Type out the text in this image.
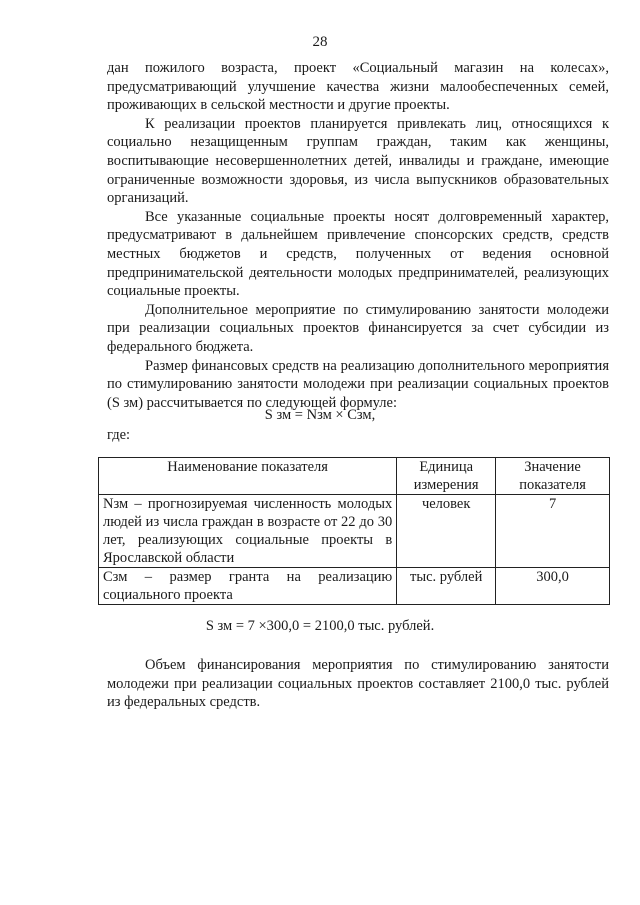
28

дан пожилого возраста, проект «Социальный магазин на колесах», предусматривающий улучшение качества жизни малообеспеченных семей, проживающих в сельской местности и другие проекты.

К реализации проектов планируется привлекать лиц, относящихся к социально незащищенным группам граждан, таким как женщины, воспитывающие несовершеннолетних детей, инвалиды и граждане, имеющие ограниченные возможности здоровья, из числа выпускников образовательных организаций.

Все указанные социальные проекты носят долговременный характер, предусматривают в дальнейшем привлечение спонсорских средств, средств местных бюджетов и средств, полученных от ведения основной предпринимательской деятельности молодых предпринимателей, реализующих социальные проекты.

Дополнительное мероприятие по стимулированию занятости молодежи при реализации социальных проектов финансируется за счет субсидии из федерального бюджета.

Размер финансовых средств на реализацию дополнительного мероприятия по стимулированию занятости молодежи при реализации социальных проектов (S зм) рассчитывается по следующей формуле:

S зм = Nзм × Cзм,
где:
Наименование показателя	Единица измерения	Значение показателя
Nзм – прогнозируемая численность молодых людей из числа граждан в возрасте от 22 до 30 лет, реализующих социальные проекты в Ярославской области	человек	7
Cзм – размер гранта на реализацию социального проекта	тыс. рублей	300,0
S зм = 7 ×300,0 = 2100,0 тыс. рублей.

Объем финансирования мероприятия по стимулированию занятости молодежи при реализации социальных проектов составляет 2100,0 тыс. рублей из федеральных средств.
